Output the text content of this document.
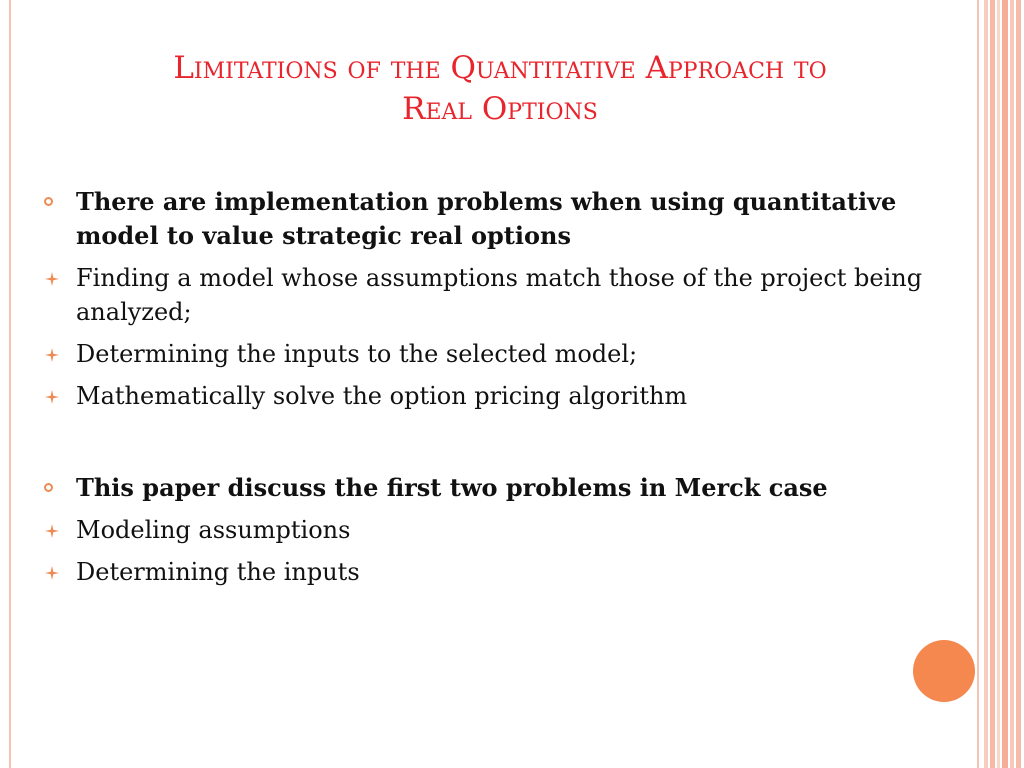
Limitations of the Quantitative Approach to
Real Options
There are implementation problems when using quantitative model to value strategic real options
Finding a model whose assumptions match those of the project being analyzed;
Determining the inputs to the selected model;
Mathematically solve the option pricing algorithm
This paper discuss the first two problems in Merck case
Modeling assumptions
Determining the inputs
